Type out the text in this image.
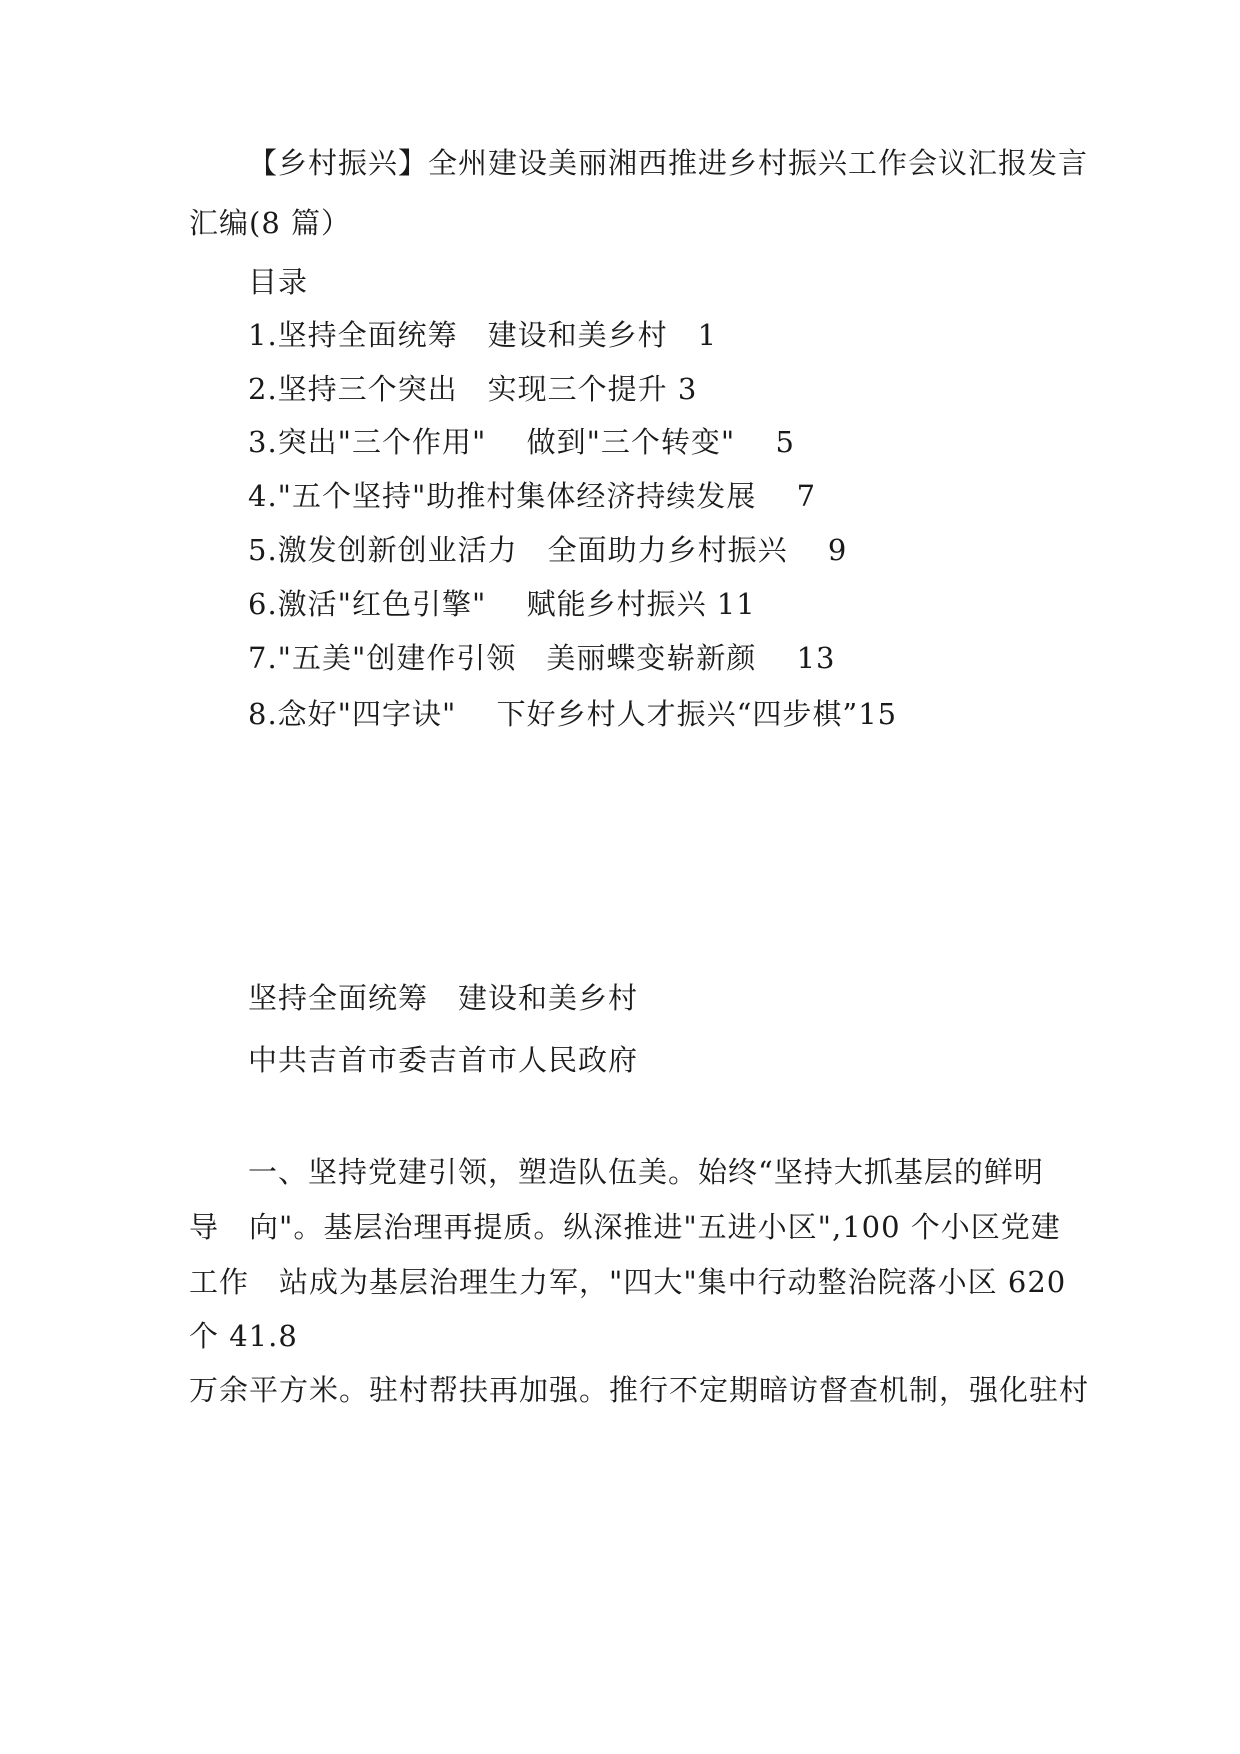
【乡村振兴】全州建设美丽湘西推进乡村振兴工作会议汇报发言
汇编(8 篇）
目录
1.坚持全面统筹　建设和美乡村　1
2.坚持三个突出　实现三个提升 3
3.突出"三个作用"　 做到"三个转变"　 5
4."五个坚持"助推村集体经济持续发展　 7
5.激发创新创业活力　全面助力乡村振兴　 9
6.激活"红色引擎"　 赋能乡村振兴 11
7."五美"创建作引领　美丽蝶变崭新颜　 13
8.念好"四字诀"　 下好乡村人才振兴“四步棋”15
坚持全面统筹　建设和美乡村
中共吉首市委吉首市人民政府
一、坚持党建引领，塑造队伍美。始终“坚持大抓基层的鲜明
导　向"。基层治理再提质。纵深推进"五进小区",100 个小区党建
工作　站成为基层治理生力军，"四大"集中行动整治院落小区 620
个 41.8
万余平方米。驻村帮扶再加强。推行不定期暗访督查机制，强化驻村
